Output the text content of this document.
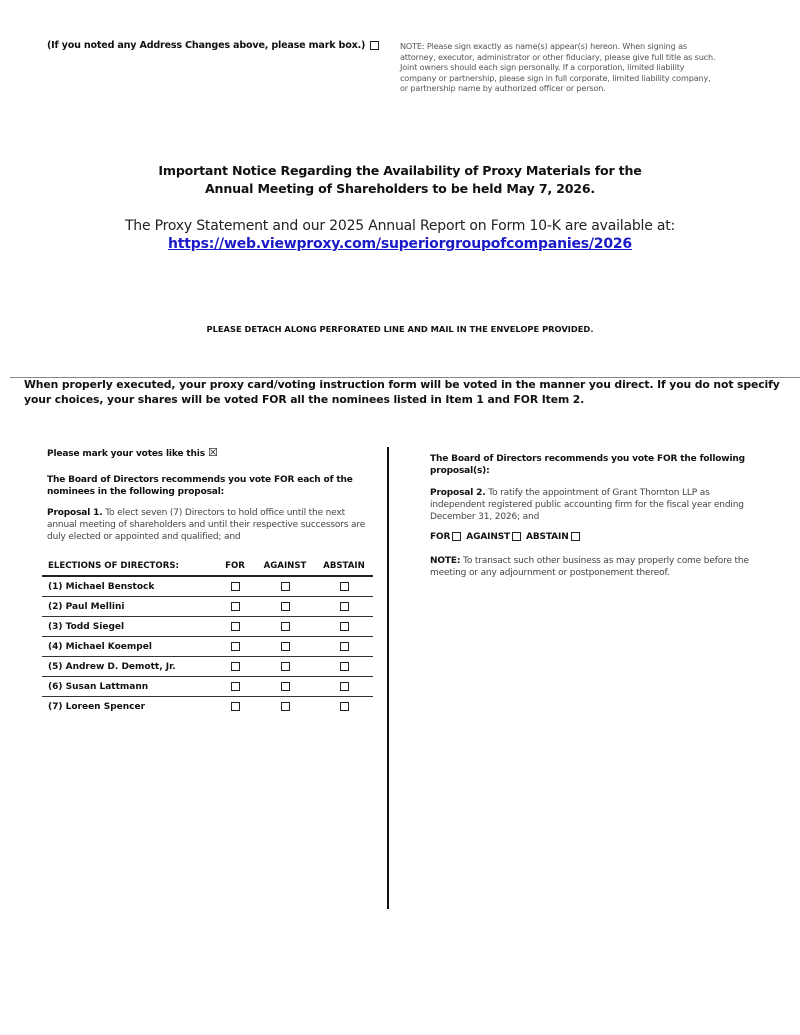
(If you noted any Address Changes above, please mark box.)	NOTE: Please sign exactly as name(s) appear(s) hereon. When signing as
attorney, executor, administrator or other fiduciary, please give full title as such.
Joint owners should each sign personally. If a corporation, limited liability
company or partnership, please sign in full corporate, limited liability company,
or partnership name by authorized officer or person.
Important Notice Regarding the Availability of Proxy Materials for the
Annual Meeting of Shareholders to be held May 7, 2026.
The Proxy Statement and our 2025 Annual Report on Form 10-K are available at:
https://web.viewproxy.com/superiorgroupofcompanies/2026
PLEASE DETACH ALONG PERFORATED LINE AND MAIL IN THE ENVELOPE PROVIDED.
When properly executed, your proxy card/voting instruction form will be voted in the manner you direct. If you do not specify your choices, your shares will be voted FOR all the nominees listed in Item 1 and FOR Item 2.
Please mark your votes like this ☒
The Board of Directors recommends you vote FOR each of the nominees in the following proposal:
Proposal 1. To elect seven (7) Directors to hold office until the next annual meeting of shareholders and until their respective successors are duly elected or appointed and qualified; and
ELECTIONS OF DIRECTORS:	FOR	AGAINST	ABSTAIN
(1) Michael Benstock			
(2) Paul Mellini			
(3) Todd Siegel			
(4) Michael Koempel			
(5) Andrew D. Demott, Jr.			
(6) Susan Lattmann			
(7) Loreen Spencer			
The Board of Directors recommends you vote FOR the following proposal(s):
Proposal 2. To ratify the appointment of Grant Thornton LLP as independent registered public accounting firm for the fiscal year ending December 31, 2026; and
FOR AGAINST ABSTAIN
NOTE: To transact such other business as may properly come before the meeting or any adjournment or postponement thereof.
